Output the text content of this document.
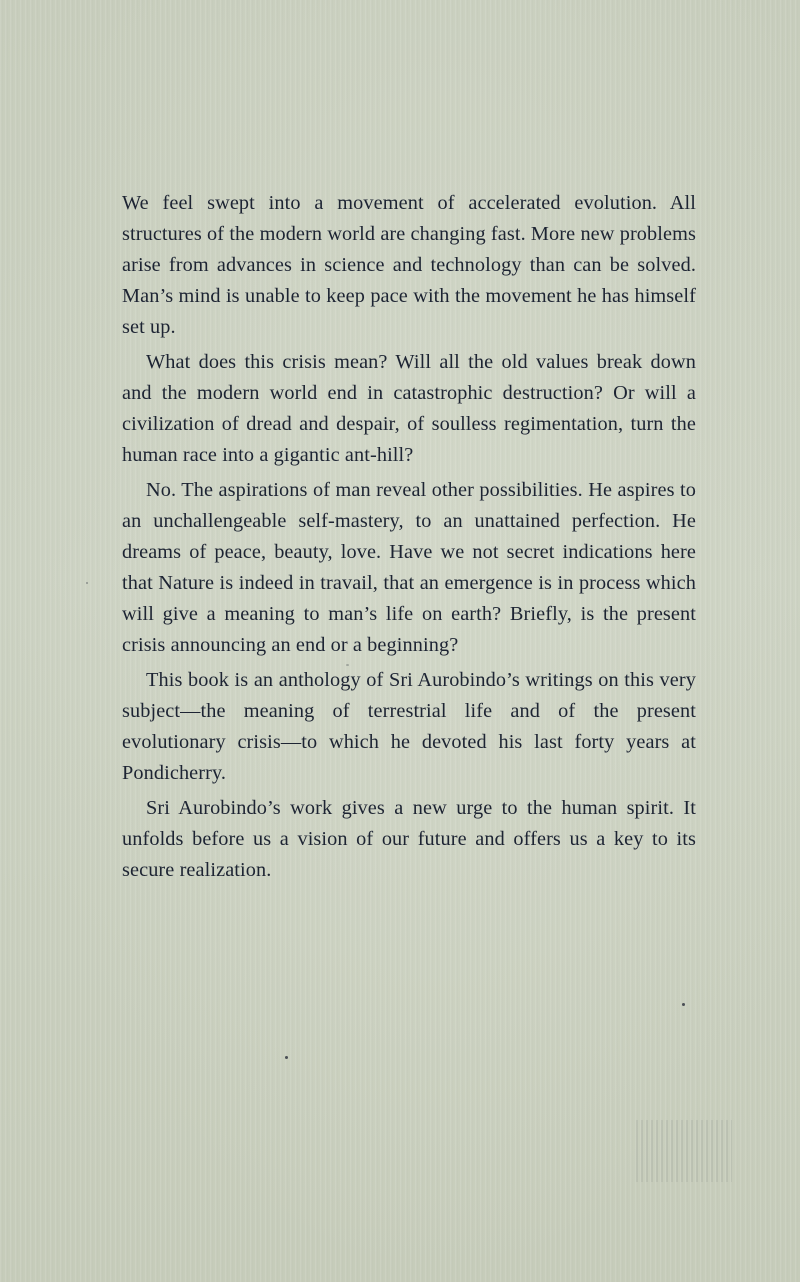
We feel swept into a movement of accelerated evolution. All structures of the modern world are changing fast. More new problems arise from advances in science and technology than can be solved. Man’s mind is unable to keep pace with the movement he has himself set up.

What does this crisis mean? Will all the old values break down and the modern world end in catastrophic destruction? Or will a civilization of dread and despair, of soulless regimentation, turn the human race into a gigantic ant-hill?

No. The aspirations of man reveal other possibilities. He aspires to an unchallengeable self-mastery, to an unattained perfection. He dreams of peace, beauty, love. Have we not secret indications here that Nature is indeed in travail, that an emergence is in process which will give a meaning to man’s life on earth? Briefly, is the present crisis announcing an end or a beginning?

This book is an anthology of Sri Aurobindo’s writings on this very subject—the meaning of terrestrial life and of the present evolutionary crisis—to which he devoted his last forty years at Pondicherry.

Sri Aurobindo’s work gives a new urge to the human spirit. It unfolds before us a vision of our future and offers us a key to its secure realization.
